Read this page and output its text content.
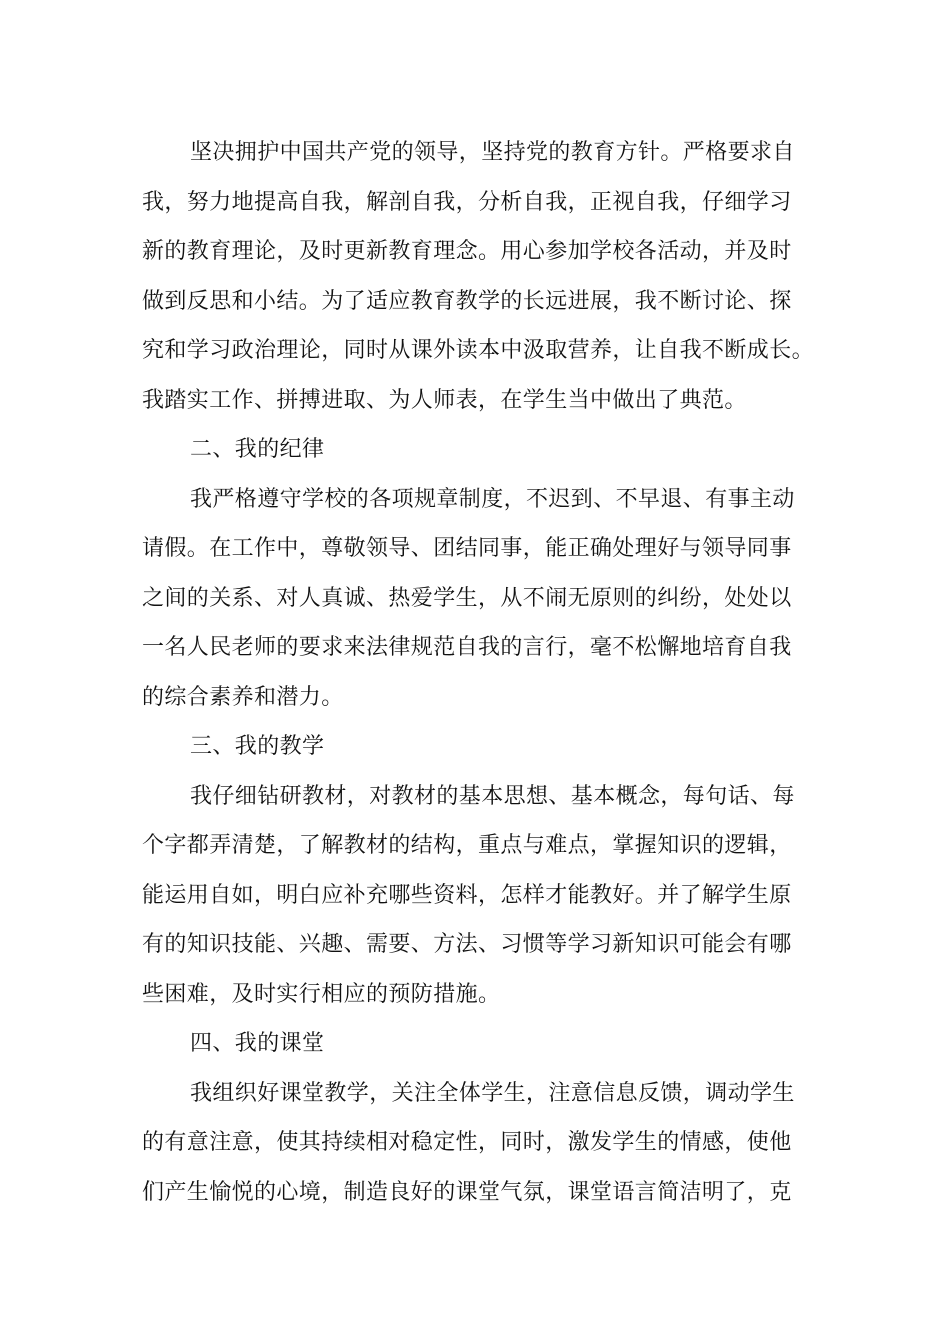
坚决拥护中国共产党的领导，坚持党的教育方针。严格要求自
我，努力地提高自我，解剖自我，分析自我，正视自我，仔细学习
新的教育理论，及时更新教育理念。用心参加学校各活动，并及时
做到反思和小结。为了适应教育教学的长远进展，我不断讨论、探
究和学习政治理论，同时从课外读本中汲取营养，让自我不断成长。
我踏实工作、拼搏进取、为人师表，在学生当中做出了典范。
二、我的纪律
我严格遵守学校的各项规章制度，不迟到、不早退、有事主动
请假。在工作中，尊敬领导、团结同事，能正确处理好与领导同事
之间的关系、对人真诚、热爱学生，从不闹无原则的纠纷，处处以
一名人民老师的要求来法律规范自我的言行，毫不松懈地培育自我
的综合素养和潜力。
三、我的教学
我仔细钻研教材，对教材的基本思想、基本概念，每句话、每
个字都弄清楚，了解教材的结构，重点与难点，掌握知识的逻辑，
能运用自如，明白应补充哪些资料，怎样才能教好。并了解学生原
有的知识技能、兴趣、需要、方法、习惯等学习新知识可能会有哪
些困难，及时实行相应的预防措施。
四、我的课堂
我组织好课堂教学，关注全体学生，注意信息反馈，调动学生
的有意注意，使其持续相对稳定性，同时，激发学生的情感，使他
们产生愉悦的心境，制造良好的课堂气氛，课堂语言简洁明了，克
